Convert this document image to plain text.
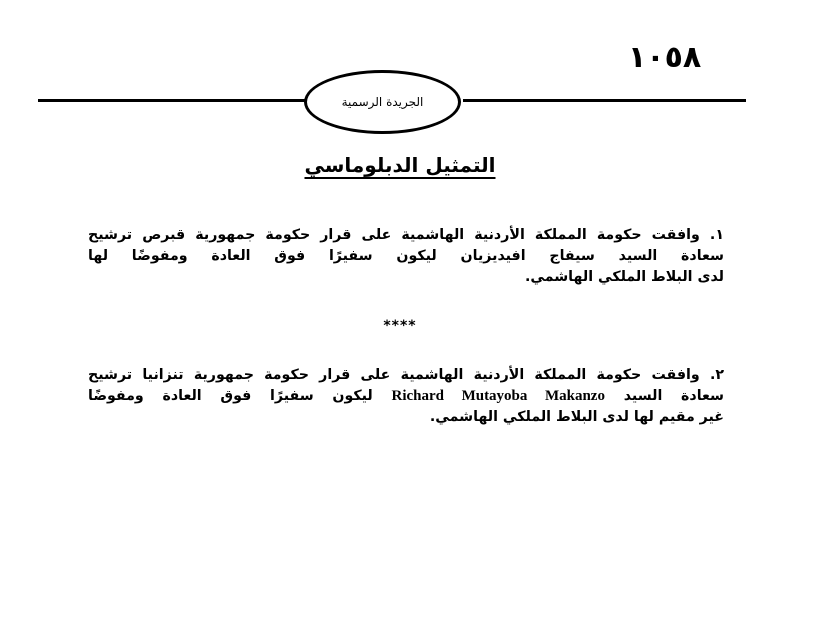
١٠٥٨
الجريدة الرسمية
التمثيل الدبلوماسي
١. وافقت حكومة المملكة الأردنية الهاشمية على قرار حكومة جمهورية قبرص ترشيح
سعادة السيد سيفاج افيديزيان ليكون سفيرًا فوق العادة ومفوضًا لها
لدى البلاط الملكي الهاشمي.
****
٢. وافقت حكومة المملكة الأردنية الهاشمية على قرار حكومة جمهورية تنزانيا ترشيح
سعادة السيد Richard Mutayoba Makanzo ليكون سفيرًا فوق العادة ومفوضًا
غير مقيم لها لدى البلاط الملكي الهاشمي.
